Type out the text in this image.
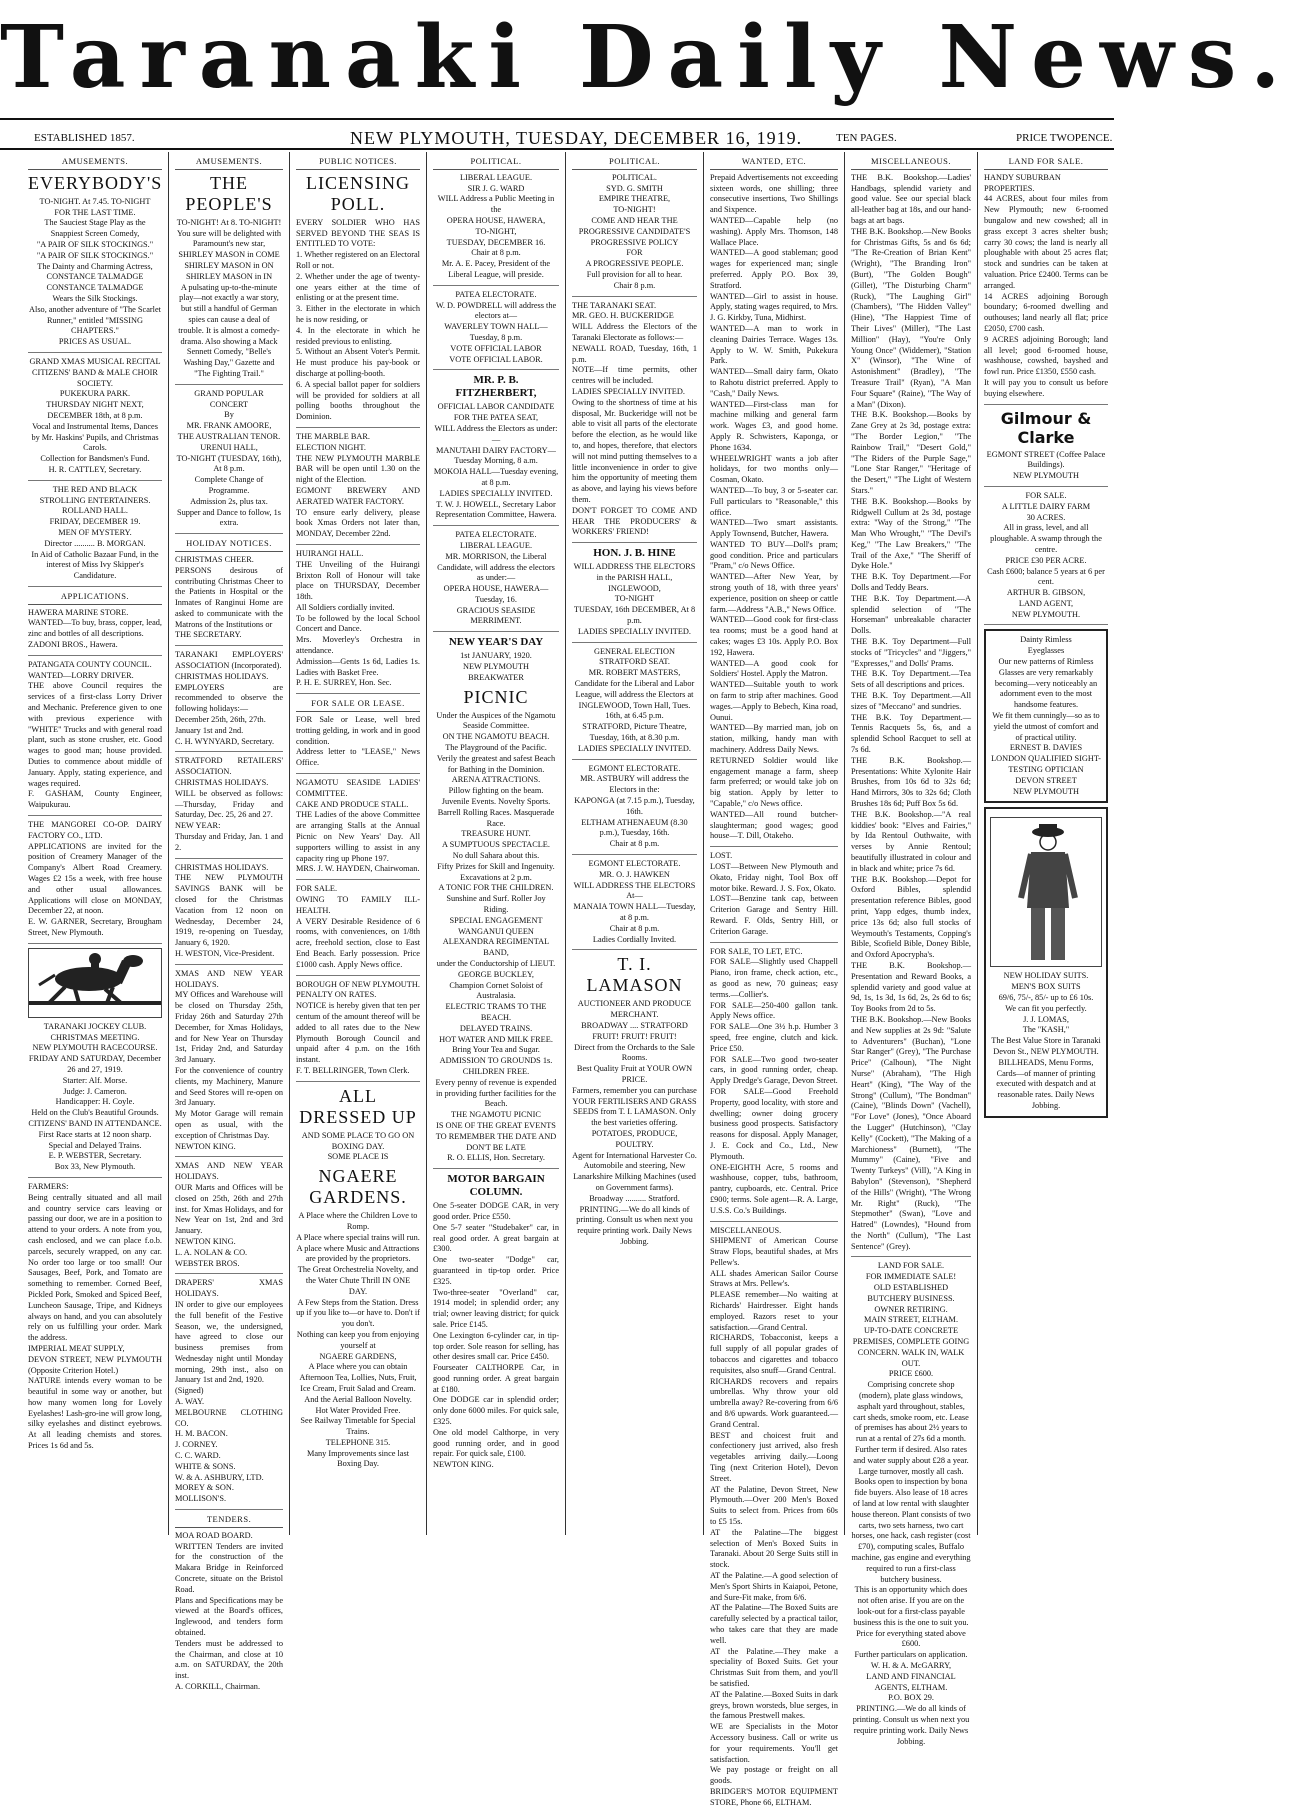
Taranaki Daily News.
ESTABLISHED 1857.	NEW PLYMOUTH, TUESDAY, DECEMBER 16, 1919.	TEN PAGES.	PRICE TWOPENCE.
AMUSEMENTS.
EVERYBODY'S
TO-NIGHT. At 7.45. TO-NIGHT
FOR THE LAST TIME.
The Sauciest Stage Play as the Snappiest Screen Comedy,
"A PAIR OF SILK STOCKINGS."
"A PAIR OF SILK STOCKINGS."
The Dainty and Charming Actress, CONSTANCE TALMADGE
CONSTANCE TALMADGE
Wears the Silk Stockings.
Also, another adventure of "The Scarlet Runner," entitled "MISSING CHAPTERS."
PRICES AS USUAL.
GRAND XMAS MUSICAL RECITAL
CITIZENS' BAND & MALE CHOIR SOCIETY.
PUKEKURA PARK.
THURSDAY NIGHT NEXT,
DECEMBER 18th, at 8 p.m.
Vocal and Instrumental Items, Dances by Mr. Haskins' Pupils, and Christmas Carols.
Collection for Bandsmen's Fund.
H. R. CATTLEY, Secretary.
THE RED AND BLACK
STROLLING ENTERTAINERS.
ROLLAND HALL.
FRIDAY, DECEMBER 19.
MEN OF MYSTERY.
Director .......... B. MORGAN.
In Aid of Catholic Bazaar Fund, in the interest of Miss Ivy Skipper's Candidature.
APPLICATIONS.
HAWERA MARINE STORE.
WANTED—To buy, brass, copper, lead, zinc and bottles of all descriptions.
ZADONI BROS., Hawera.
PATANGATA COUNTY COUNCIL.
WANTED—LORRY DRIVER.
THE above Council requires the services of a first-class Lorry Driver and Mechanic. Preference given to one with previous experience with "WHITE" Trucks and with general road plant, such as stone crusher, etc. Good wages to good man; house provided. Duties to commence about middle of January. Apply, stating experience, and wages required.
F. GASHAM, County Engineer, Waipukurau.
THE MANGOREI CO-OP. DAIRY FACTORY CO., LTD.
APPLICATIONS are invited for the position of Creamery Manager of the Company's Albert Road Creamery. Wages £2 15s a week, with free house and other usual allowances. Applications will close on MONDAY, December 22, at noon.
E. W. GARNER, Secretary, Brougham Street, New Plymouth.
TARANAKI JOCKEY CLUB.
CHRISTMAS MEETING.
NEW PLYMOUTH RACECOURSE.
FRIDAY AND SATURDAY, December 26 and 27, 1919.
Starter: Alf. Morse.
Judge: J. Cameron.
Handicapper: H. Coyle.
Held on the Club's Beautiful Grounds.
CITIZENS' BAND IN ATTENDANCE.
First Race starts at 12 noon sharp. Special and Delayed Trains.
E. P. WEBSTER, Secretary.
Box 33, New Plymouth.
FARMERS:
Being centrally situated and all mail and country service cars leaving or passing our door, we are in a position to attend to your orders. A note from you, cash enclosed, and we can place f.o.b. parcels, securely wrapped, on any car. No order too large or too small! Our Sausages, Beef, Pork, and Tomato are something to remember. Corned Beef, Pickled Pork, Smoked and Spiced Beef, Luncheon Sausage, Tripe, and Kidneys always on hand, and you can absolutely rely on us fulfilling your order. Mark the address.
IMPERIAL MEAT SUPPLY,
DEVON STREET, NEW PLYMOUTH (Opposite Criterion Hotel.)
NATURE intends every woman to be beautiful in some way or another, but how many women long for Lovely Eyelashes! Lash-gro-ine will grow long, silky eyelashes and distinct eyebrows. At all leading chemists and stores. Prices 1s 6d and 5s.
AMUSEMENTS.
THE PEOPLE'S
TO-NIGHT! At 8. TO-NIGHT!
You sure will be delighted with Paramount's new star,
SHIRLEY MASON in COME
SHIRLEY MASON in ON
SHIRLEY MASON in IN
A pulsating up-to-the-minute play—not exactly a war story, but still a handful of German spies can cause a deal of trouble. It is almost a comedy-drama. Also showing a Mack Sennett Comedy, "Belle's Washing Day," Gazette and "The Fighting Trail."
GRAND POPULAR CONCERT
By
MR. FRANK AMOORE,
THE AUSTRALIAN TENOR.
URENUI HALL,
TO-NIGHT (TUESDAY, 16th), At 8 p.m.
Complete Change of Programme.
Admission 2s, plus tax.
Supper and Dance to follow, 1s extra.
HOLIDAY NOTICES.
CHRISTMAS CHEER.
PERSONS desirous of contributing Christmas Cheer to the Patients in Hospital or the Inmates of Ranginui Home are asked to communicate with the Matrons of the Institutions or
THE SECRETARY.
TARANAKI EMPLOYERS' ASSOCIATION (Incorporated).
CHRISTMAS HOLIDAYS.
EMPLOYERS are recommended to observe the following holidays:—
December 25th, 26th, 27th.
January 1st and 2nd.
C. H. WYNYARD, Secretary.
STRATFORD RETAILERS' ASSOCIATION.
CHRISTMAS HOLIDAYS.
WILL be observed as follows:—Thursday, Friday and Saturday, Dec. 25, 26 and 27.
NEW YEAR:
Thursday and Friday, Jan. 1 and 2.
CHRISTMAS HOLIDAYS.
THE NEW PLYMOUTH SAVINGS BANK will be closed for the Christmas Vacation from 12 noon on Wednesday, December 24, 1919, re-opening on Tuesday, January 6, 1920.
H. WESTON, Vice-President.
XMAS AND NEW YEAR HOLIDAYS.
MY Offices and Warehouse will be closed on Thursday 25th, Friday 26th and Saturday 27th December, for Xmas Holidays, and for New Year on Thursday 1st, Friday 2nd, and Saturday 3rd January.
For the convenience of country clients, my Machinery, Manure and Seed Stores will re-open on 3rd January.
My Motor Garage will remain open as usual, with the exception of Christmas Day.
NEWTON KING.
XMAS AND NEW YEAR HOLIDAYS.
OUR Marts and Offices will be closed on 25th, 26th and 27th inst. for Xmas Holidays, and for New Year on 1st, 2nd and 3rd January.
NEWTON KING.
L. A. NOLAN & CO.
WEBSTER BROS.
DRAPERS' XMAS HOLIDAYS.
IN order to give our employees the full benefit of the Festive Season, we, the undersigned, have agreed to close our business premises from Wednesday night until Monday morning, 29th inst., also on January 1st and 2nd, 1920.
(Signed)
A. WAY.
MELBOURNE CLOTHING CO.
H. M. BACON.
J. CORNEY.
C. C. WARD.
WHITE & SONS.
W. & A. ASHBURY, LTD.
MOREY & SON.
MOLLISON'S.
TENDERS.
MOA ROAD BOARD.
WRITTEN Tenders are invited for the construction of the Makara Bridge in Reinforced Concrete, situate on the Bristol Road.
Plans and Specifications may be viewed at the Board's offices, Inglewood, and tenders form obtained.
Tenders must be addressed to the Chairman, and close at 10 a.m. on SATURDAY, the 20th inst.
A. CORKILL, Chairman.
PUBLIC NOTICES.
LICENSING POLL.
EVERY SOLDIER WHO HAS SERVED BEYOND THE SEAS IS ENTITLED TO VOTE:
1. Whether registered on an Electoral Roll or not.
2. Whether under the age of twenty-one years either at the time of enlisting or at the present time.
3. Either in the electorate in which he is now residing, or
4. In the electorate in which he resided previous to enlisting.
5. Without an Absent Voter's Permit. He must produce his pay-book or discharge at polling-booth.
6. A special ballot paper for soldiers will be provided for soldiers at all polling booths throughout the Dominion.
THE MARBLE BAR.
ELECTION NIGHT.
THE NEW PLYMOUTH MARBLE BAR will be open until 1.30 on the night of the Election.
EGMONT BREWERY AND AERATED WATER FACTORY.
TO ensure early delivery, please book Xmas Orders not later than, MONDAY, December 22nd.
HUIRANGI HALL.
THE Unveiling of the Huirangi Brixton Roll of Honour will take place on THURSDAY, December 18th.
All Soldiers cordially invited.
To be followed by the local School Concert and Dance.
Mrs. Moverley's Orchestra in attendance.
Admission—Gents 1s 6d, Ladies 1s. Ladies with Basket Free.
P. H. E. SURREY, Hon. Sec.
FOR SALE OR LEASE.
FOR Sale or Lease, well bred trotting gelding, in work and in good condition.
Address letter to "LEASE," News Office.
NGAMOTU SEASIDE LADIES' COMMITTEE.
CAKE AND PRODUCE STALL.
THE Ladies of the above Committee are arranging Stalls at the Annual Picnic on New Years' Day. All supporters willing to assist in any capacity ring up Phone 197.
MRS. J. W. HAYDEN, Chairwoman.
FOR SALE.
OWING TO FAMILY ILL-HEALTH.
A VERY Desirable Residence of 6 rooms, with conveniences, on 1/8th acre, freehold section, close to East End Beach. Early possession. Price £1000 cash. Apply News office.
BOROUGH OF NEW PLYMOUTH.
PENALTY ON RATES.
NOTICE is hereby given that ten per centum of the amount thereof will be added to all rates due to the New Plymouth Borough Council and unpaid after 4 p.m. on the 16th instant.
F. T. BELLRINGER, Town Clerk.
ALL DRESSED UP
AND SOME PLACE TO GO ON BOXING DAY.
SOME PLACE IS
NGAERE GARDENS.
A Place where the Children Love to Romp.
A Place where special trains will run. A place where Music and Attractions are provided by the proprietors.
The Great Orchestrelia Novelty, and the Water Chute Thrill IN ONE DAY.
A Few Steps from the Station. Dress up if you like to—or have to. Don't if you don't.
Nothing can keep you from enjoying yourself at
NGAERE GARDENS,
A Place where you can obtain Afternoon Tea, Lollies, Nuts, Fruit, Ice Cream, Fruit Salad and Cream.
And the Aerial Balloon Novelty.
Hot Water Provided Free.
See Railway Timetable for Special Trains.
TELEPHONE 315.
Many Improvements since last Boxing Day.
POLITICAL.
LIBERAL LEAGUE.
SIR J. G. WARD
WILL Address a Public Meeting in the
OPERA HOUSE, HAWERA,
TO-NIGHT,
TUESDAY, DECEMBER 16.
Chair at 8 p.m.
Mr. A. E. Pacey, President of the Liberal League, will preside.
PATEA ELECTORATE.
W. D. POWDRELL will address the electors at—
WAVERLEY TOWN HALL—Tuesday, 8 p.m.
VOTE OFFICIAL LABOR
VOTE OFFICIAL LABOR.
MR. P. B. FITZHERBERT,
OFFICIAL LABOR CANDIDATE FOR THE PATEA SEAT,
WILL Address the Electors as under:—
MANUTAHI DAIRY FACTORY—Tuesday Morning, 8 a.m.
MOKOIA HALL—Tuesday evening, at 8 p.m.
LADIES SPECIALLY INVITED.
T. W. J. HOWELL, Secretary Labor Representation Committee, Hawera.
PATEA ELECTORATE.
LIBERAL LEAGUE.
MR. MORRISON, the Liberal Candidate, will address the electors as under:—
OPERA HOUSE, HAWERA—Tuesday, 16.
GRACIOUS SEASIDE MERRIMENT.
NEW YEAR'S DAY
1st JANUARY, 1920.
NEW PLYMOUTH
BREAKWATER
PICNIC
Under the Auspices of the Ngamotu Seaside Committee.
ON THE NGAMOTU BEACH.
The Playground of the Pacific.
Verily the greatest and safest Beach for Bathing in the Dominion.
ARENA ATTRACTIONS.
Pillow fighting on the beam.
Juvenile Events. Novelty Sports.
Barrell Rolling Races. Masquerade Race.
TREASURE HUNT.
A SUMPTUOUS SPECTACLE.
No dull Sahara about this.
Fifty Prizes for Skill and Ingenuity.
Excavations at 2 p.m.
A TONIC FOR THE CHILDREN.
Sunshine and Surf. Roller Joy Riding.
SPECIAL ENGAGEMENT
WANGANUI QUEEN ALEXANDRA REGIMENTAL BAND,
under the Conductorship of LIEUT. GEORGE BUCKLEY,
Champion Cornet Soloist of Australasia.
ELECTRIC TRAMS TO THE BEACH.
DELAYED TRAINS.
HOT WATER AND MILK FREE.
Bring Your Tea and Sugar.
ADMISSION TO GROUNDS 1s.
CHILDREN FREE.
Every penny of revenue is expended in providing further facilities for the Beach.
THE NGAMOTU PICNIC
IS ONE OF THE GREAT EVENTS TO REMEMBER THE DATE AND DON'T BE LATE
R. O. ELLIS, Hon. Secretary.
MOTOR BARGAIN COLUMN.
One 5-seater DODGE CAR, in very good order. Price £550.
One 5-7 seater "Studebaker" car, in real good order. A great bargain at £300.
One two-seater "Dodge" car, guaranteed in tip-top order. Price £325.
Two-three-seater "Overland" car, 1914 model; in splendid order; any trial; owner leaving district; for quick sale. Price £145.
One Lexington 6-cylinder car, in tip-top order. Sole reason for selling, has other desires small car. Price £450.
Fourseater CALTHORPE Car, in good running order. A great bargain at £180.
One DODGE car in splendid order; only done 6000 miles. For quick sale, £325.
One old model Calthorpe, in very good running order, and in good repair. For quick sale, £100.
NEWTON KING.
POLITICAL.
POLITICAL.
SYD. G. SMITH
EMPIRE THEATRE,
TO-NIGHT!
COME AND HEAR THE
PROGRESSIVE CANDIDATE'S PROGRESSIVE POLICY
FOR
A PROGRESSIVE PEOPLE.
Full provision for all to hear.
Chair 8 p.m.
THE TARANAKI SEAT.
MR. GEO. H. BUCKERIDGE
WILL Address the Electors of the Taranaki Electorate as follows:—
NEWALL ROAD, Tuesday, 16th, 1 p.m.
NOTE—If time permits, other centres will be included.
LADIES SPECIALLY INVITED.
Owing to the shortness of time at his disposal, Mr. Buckeridge will not be able to visit all parts of the electorate before the election, as he would like to, and hopes, therefore, that electors will not mind putting themselves to a little inconvenience in order to give him the opportunity of meeting them as above, and laying his views before them.
DON'T FORGET TO COME AND HEAR THE PRODUCERS' & WORKERS' FRIEND!
HON. J. B. HINE
WILL ADDRESS THE ELECTORS in the PARISH HALL, INGLEWOOD,
TO-NIGHT
TUESDAY, 16th DECEMBER, At 8 p.m.
LADIES SPECIALLY INVITED.
GENERAL ELECTION
STRATFORD SEAT.
MR. ROBERT MASTERS,
Candidate for the Liberal and Labor League, will address the Electors at
INGLEWOOD, Town Hall, Tues. 16th, at 6.45 p.m.
STRATFORD, Picture Theatre, Tuesday, 16th, at 8.30 p.m.
LADIES SPECIALLY INVITED.
EGMONT ELECTORATE.
MR. ASTBURY will address the Electors in the:
KAPONGA (at 7.15 p.m.), Tuesday, 16th.
ELTHAM ATHENAEUM (8.30 p.m.), Tuesday, 16th.
Chair at 8 p.m.
EGMONT ELECTORATE.
MR. O. J. HAWKEN
WILL ADDRESS THE ELECTORS At—
MANAIA TOWN HALL—Tuesday, at 8 p.m.
Chair at 8 p.m.
Ladies Cordially Invited.
T. I. LAMASON
AUCTIONEER AND PRODUCE MERCHANT.
BROADWAY .... STRATFORD
FRUIT! FRUIT! FRUIT!
Direct from the Orchards to the Sale Rooms.
Best Quality Fruit at YOUR OWN PRICE.
Farmers, remember you can purchase YOUR FERTILISERS AND GRASS SEEDS from T. I. LAMASON. Only the best varieties offering.
POTATOES, PRODUCE, POULTRY.
Agent for International Harvester Co. Automobile and steering, New Lanarkshire Milking Machines (used on Government farms).
Broadway .......... Stratford.
PRINTING.—We do all kinds of printing. Consult us when next you require printing work. Daily News Jobbing.
WANTED, ETC.
Prepaid Advertisements not exceeding sixteen words, one shilling; three consecutive insertions, Two Shillings and Sixpence.
WANTED—Capable help (no washing). Apply Mrs. Thomson, 148 Wallace Place.
WANTED—A good stableman; good wages for experienced man; single preferred. Apply P.O. Box 39, Stratford.
WANTED—Girl to assist in house. Apply, stating wages required, to Mrs. J. G. Kirkby, Tuna, Midhirst.
WANTED—A man to work in cleaning Dairies Terrace. Wages 13s. Apply to W. W. Smith, Pukekura Park.
WANTED—Small dairy farm, Okato to Rahotu district preferred. Apply to "Cash," Daily News.
WANTED—First-class man for machine milking and general farm work. Wages £3, and good home. Apply R. Schwisters, Kaponga, or Phone 1634.
WHEELWRIGHT wants a job after holidays, for two months only—Cosman, Okato.
WANTED—To buy, 3 or 5-seater car. Full particulars to "Reasonable," this office.
WANTED—Two smart assistants. Apply Townsend, Butcher, Hawera.
WANTED TO BUY—Doll's pram; good condition. Price and particulars "Pram," c/o News Office.
WANTED—After New Year, by strong youth of 18, with three years' experience, position on sheep or cattle farm.—Address "A.B.," News Office.
WANTED—Good cook for first-class tea rooms; must be a good hand at cakes; wages £3 10s. Apply P.O. Box 192, Hawera.
WANTED—A good cook for Soldiers' Hostel. Apply the Matron.
WANTED—Suitable youth to work on farm to strip after machines. Good wages.—Apply to Bebech, Kina road, Ounui.
WANTED—By married man, job on station, milking, handy man with machinery. Address Daily News.
RETURNED Soldier would like engagement manage a farm, sheep farm preferred; or would take job on big station. Apply by letter to "Capable," c/o News office.
WANTED—All round butcher-slaughterman; good wages; good house—T. Dill, Otakeho.
LOST.
LOST—Between New Plymouth and Okato, Friday night, Tool Box off motor bike. Reward. J. S. Fox, Okato.
LOST—Benzine tank cap, between Criterion Garage and Sentry Hill. Reward. F. Olds, Sentry Hill, or Criterion Garage.
FOR SALE, TO LET, ETC.
FOR SALE—Slightly used Chappell Piano, iron frame, check action, etc., as good as new, 70 guineas; easy terms.—Collier's.
FOR SALE—250-400 gallon tank. Apply News office.
FOR SALE—One 3½ h.p. Humber 3 speed, free engine, clutch and kick. Price £50.
FOR SALE—Two good two-seater cars, in good running order, cheap. Apply Dredge's Garage, Devon Street.
FOR SALE—Good Freehold Property, good locality, with store and dwelling; owner doing grocery business good prospects. Satisfactory reasons for disposal. Apply Manager, J. E. Cock and Co., Ltd., New Plymouth.
ONE-EIGHTH Acre, 5 rooms and washhouse, copper, tubs, bathroom, pantry, cupboards, etc. Central. Price £900; terms. Sole agent—R. A. Large, U.S.S. Co.'s Buildings.
MISCELLANEOUS.
SHIPMENT of American Course Straw Flops, beautiful shades, at Mrs Pellew's.
ALL shades American Sailor Course Straws at Mrs. Pellew's.
PLEASE remember—No waiting at Richards' Hairdresser. Eight hands employed. Razors reset to your satisfaction.—Grand Central.
RICHARDS, Tobacconist, keeps a full supply of all popular grades of tobaccos and cigarettes and tobacco requisites, also snuff—Grand Central.
RICHARDS recovers and repairs umbrellas. Why throw your old umbrella away? Re-covering from 6/6 and 8/6 upwards. Work guaranteed.—Grand Central.
BEST and choicest fruit and confectionery just arrived, also fresh vegetables arriving daily.—Loong Ting (next Criterion Hotel), Devon Street.
AT the Palatine, Devon Street, New Plymouth.—Over 200 Men's Boxed Suits to select from. Prices from 60s to £5 15s.
AT the Palatine—The biggest selection of Men's Boxed Suits in Taranaki. About 20 Serge Suits still in stock.
AT the Palatine.—A good selection of Men's Sport Shirts in Kaiapoi, Petone, and Sure-Fit make, from 6/6.
AT the Palatine—The Boxed Suits are carefully selected by a practical tailor, who takes care that they are made well.
AT the Palatine.—They make a speciality of Boxed Suits. Get your Christmas Suit from them, and you'll be satisfied.
AT the Palatine.—Boxed Suits in dark greys, brown worsteds, blue serges, in the famous Prestwell makes.
WE are Specialists in the Motor Accessory business. Call or write us for your requirements. You'll get satisfaction.
We pay postage or freight on all goods.
BRIDGER'S MOTOR EQUIPMENT STORE, Phone 66, ELTHAM.
MISCELLANEOUS.
THE B.K. Bookshop.—Ladies' Handbags, splendid variety and good value. See our special black all-leather bag at 18s, and our hand-bags at art bags.
THE B.K. Bookshop.—New Books for Christmas Gifts, 5s and 6s 6d; "The Re-Creation of Brian Kent" (Wright), "The Branding Iron" (Burt), "The Golden Bough" (Gillet), "The Disturbing Charm" (Ruck), "The Laughing Girl" (Chambers), "The Hidden Valley" (Hine), "The Happiest Time of Their Lives" (Miller), "The Last Million" (Hay), "You're Only Young Once" (Widdemer), "Station X" (Winsor), "The Wine of Astonishment" (Bradley), "The Treasure Trail" (Ryan), "A Man Four Square" (Raine), "The Way of a Man" (Dixon).
THE B.K. Bookshop.—Books by Zane Grey at 2s 3d, postage extra: "The Border Legion," "The Rainbow Trail," "Desert Gold," "The Riders of the Purple Sage," "Lone Star Ranger," "Heritage of the Desert," "The Light of Western Stars."
THE B.K. Bookshop.—Books by Ridgwell Cullum at 2s 3d, postage extra: "Way of the Strong," "The Man Who Wrought," "The Devil's Keg," "The Law Breakers," "The Trail of the Axe," "The Sheriff of Dyke Hole."
THE B.K. Toy Department.—For Dolls and Teddy Bears.
THE B.K. Toy Department.—A splendid selection of "The Horseman" unbreakable character Dolls.
THE B.K. Toy Department—Full stocks of "Tricycles" and "Jiggers," "Expresses," and Dolls' Prams.
THE B.K. Toy Department.—Tea Sets of all descriptions and prices.
THE B.K. Toy Department.—All sizes of "Meccano" and sundries.
THE B.K. Toy Department.—Tennis Racquets 5s, 6s, and a splendid School Racquet to sell at 7s 6d.
THE B.K. Bookshop.—Presentations: White Xylonite Hair Brushes, from 10s 6d to 32s 6d; Hand Mirrors, 30s to 32s 6d; Cloth Brushes 18s 6d; Puff Box 5s 6d.
THE B.K. Bookshop.—"A real kiddies' book: "Elves and Fairies," by Ida Rentoul Outhwaite, with verses by Annie Rentoul; beautifully illustrated in colour and in black and white; price 7s 6d.
THE B.K. Bookshop.—Depot for Oxford Bibles, splendid presentation reference Bibles, good print, Yapp edges, thumb index, price 13s 6d; also full stocks of Weymouth's Testaments, Copping's Bible, Scofield Bible, Doney Bible, and Oxford Apocrypha's.
THE B.K. Bookshop.—Presentation and Reward Books, a splendid variety and good value at 9d, 1s, 1s 3d, 1s 6d, 2s, 2s 6d to 6s; Toy Books from 2d to 5s.
THE B.K. Bookshop.—New Books and New supplies at 2s 9d: "Salute to Adventurers" (Buchan), "Lone Star Ranger" (Grey), "The Purchase Price" (Calhoun), "The Night Nurse" (Abraham), "The High Heart" (King), "The Way of the Strong" (Cullum), "The Bondman" (Caine), "Blinds Down" (Vachell), "For Love" (Jones), "Once Aboard the Lugger" (Hutchinson), "Clay Kelly" (Cockett), "The Making of a Marchioness" (Burnett), "The Mummy" (Caine), "Five and Twenty Turkeys" (Vill), "A King in Babylon" (Stevenson), "Shepherd of the Hills" (Wright), "The Wrong Mr. Right" (Ruck), "The Stepmother" (Swan), "Love and Hatred" (Lowndes), "Hound from the North" (Cullum), "The Last Sentence" (Grey).
LAND FOR SALE.
FOR IMMEDIATE SALE!
OLD ESTABLISHED BUTCHERY BUSINESS.
OWNER RETIRING.
MAIN STREET, ELTHAM.
UP-TO-DATE CONCRETE PREMISES, COMPLETE GOING CONCERN. WALK IN, WALK OUT.
PRICE £600.
Comprising concrete shop (modern), plate glass windows, asphalt yard throughout, stables, cart sheds, smoke room, etc. Lease of premises has about 2½ years to run at a rental of 27s 6d a month. Further term if desired. Also rates and water supply about £28 a year. Large turnover, mostly all cash. Books open to inspection by bona fide buyers. Also lease of 18 acres of land at low rental with slaughter house thereon. Plant consists of two carts, two sets harness, two cart horses, one hack, cash register (cost £70), computing scales, Buffalo machine, gas engine and everything required to run a first-class butchery business.
This is an opportunity which does not often arise. If you are on the look-out for a first-class payable business this is the one to suit you.
Price for everything stated above
£600.
Further particulars on application.
W. H. & A. McGARRY,
LAND AND FINANCIAL AGENTS, ELTHAM.
P.O. BOX 29.
PRINTING.—We do all kinds of printing. Consult us when next you require printing work. Daily News Jobbing.
LAND FOR SALE.
HANDY SUBURBAN
PROPERTIES.
44 ACRES, about four miles from New Plymouth; new 6-roomed bungalow and new cowshed; all in grass except 3 acres shelter bush; carry 30 cows; the land is nearly all ploughable with about 25 acres flat; stock and sundries can be taken at valuation. Price £2400. Terms can be arranged.
14 ACRES adjoining Borough boundary; 6-roomed dwelling and outhouses; land nearly all flat; price £2050, £700 cash.
9 ACRES adjoining Borough; land all level; good 6-roomed house, washhouse, cowshed, bayshed and fowl run. Price £1350, £550 cash.
It will pay you to consult us before buying elsewhere.
Gilmour & Clarke
EGMONT STREET (Coffee Palace Buildings).
NEW PLYMOUTH
FOR SALE.
A LITTLE DAIRY FARM
30 ACRES.
All in grass, level, and all ploughable. A swamp through the centre.
PRICE £30 PER ACRE.
Cash £600; balance 5 years at 6 per cent.
ARTHUR B. GIBSON,
LAND AGENT,
NEW PLYMOUTH.
Dainty Rimless
Eyeglasses
Our new patterns of Rimless Glasses are very remarkably becoming—very noticeably an adornment even to the most handsome features.
We fit them cunningly—so as to yield the utmost of comfort and of practical utility.
ERNEST B. DAVIES
LONDON QUALIFIED SIGHT-TESTING OPTICIAN
DEVON STREET
NEW PLYMOUTH
NEW HOLIDAY SUITS.
MEN'S BOX SUITS
69/6, 75/-, 85/- up to £6 10s.
We can fit you perfectly.
J. J. LOMAS,
The "KASH,"
The Best Value Store in Taranaki
Devon St., NEW PLYMOUTH.
BILLHEADS, Menu Forms, Cards—of manner of printing executed with despatch and at reasonable rates. Daily News Jobbing.
